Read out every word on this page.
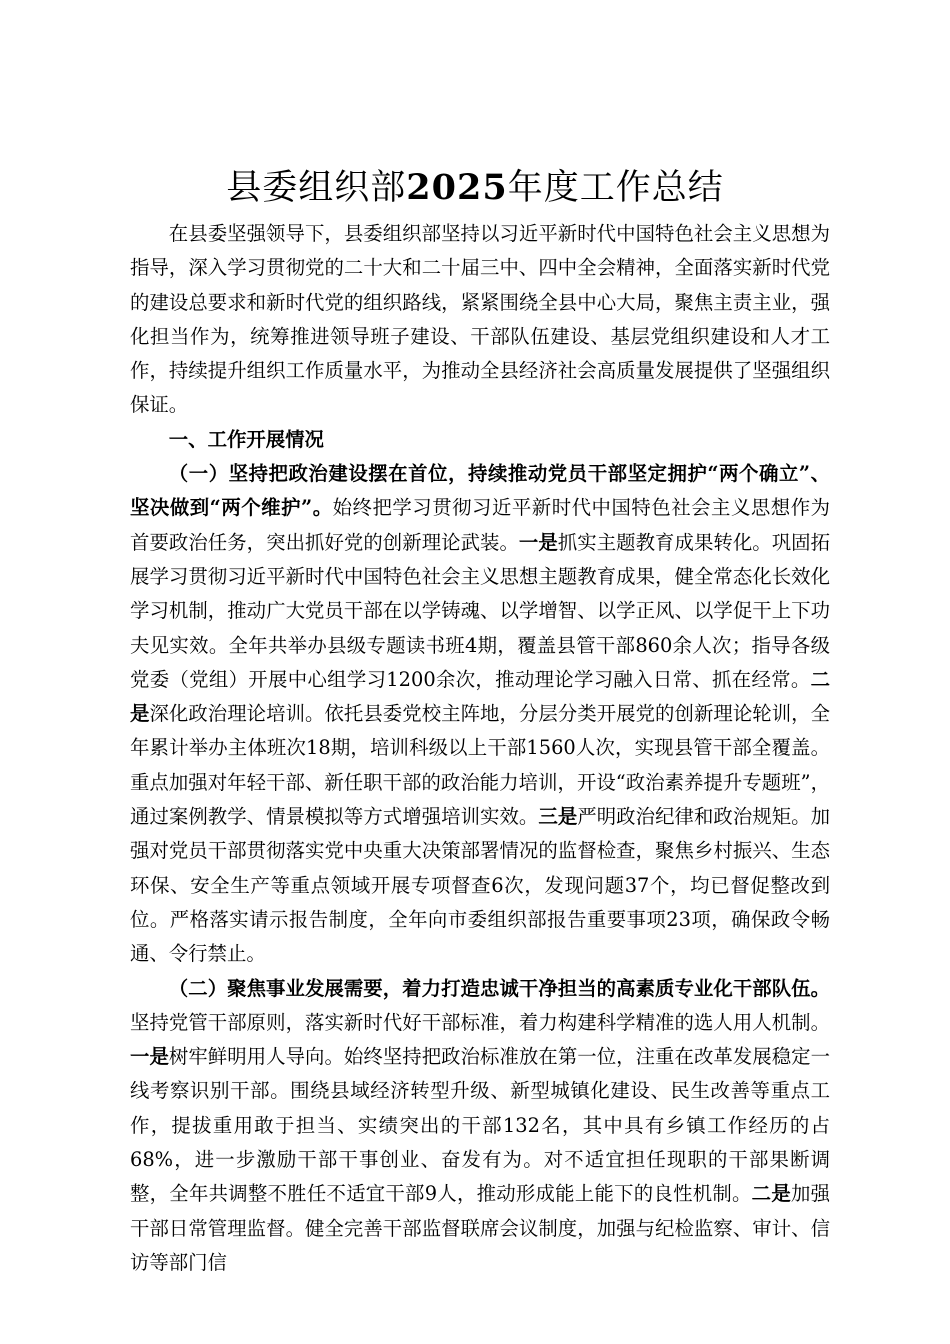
县委组织部2025年度工作总结

在县委坚强领导下，县委组织部坚持以习近平新时代中国特色社会主义思想为指导，深入学习贯彻党的二十大和二十届三中、四中全会精神，全面落实新时代党的建设总要求和新时代党的组织路线，紧紧围绕全县中心大局，聚焦主责主业，强化担当作为，统筹推进领导班子建设、干部队伍建设、基层党组织建设和人才工作，持续提升组织工作质量水平，为推动全县经济社会高质量发展提供了坚强组织保证。

一、工作开展情况

（一）坚持把政治建设摆在首位，持续推动党员干部坚定拥护“两个确立”、坚决做到“两个维护”。始终把学习贯彻习近平新时代中国特色社会主义思想作为首要政治任务，突出抓好党的创新理论武装。一是抓实主题教育成果转化。巩固拓展学习贯彻习近平新时代中国特色社会主义思想主题教育成果，健全常态化长效化学习机制，推动广大党员干部在以学铸魂、以学增智、以学正风、以学促干上下功夫见实效。全年共举办县级专题读书班4期，覆盖县管干部860余人次；指导各级党委（党组）开展中心组学习1200余次，推动理论学习融入日常、抓在经常。二是深化政治理论培训。依托县委党校主阵地，分层分类开展党的创新理论轮训，全年累计举办主体班次18期，培训科级以上干部1560人次，实现县管干部全覆盖。重点加强对年轻干部、新任职干部的政治能力培训，开设“政治素养提升专题班”，通过案例教学、情景模拟等方式增强培训实效。三是严明政治纪律和政治规矩。加强对党员干部贯彻落实党中央重大决策部署情况的监督检查，聚焦乡村振兴、生态环保、安全生产等重点领域开展专项督查6次，发现问题37个，均已督促整改到位。严格落实请示报告制度，全年向市委组织部报告重要事项23项，确保政令畅通、令行禁止。

（二）聚焦事业发展需要，着力打造忠诚干净担当的高素质专业化干部队伍。坚持党管干部原则，落实新时代好干部标准，着力构建科学精准的选人用人机制。一是树牢鲜明用人导向。始终坚持把政治标准放在第一位，注重在改革发展稳定一线考察识别干部。围绕县域经济转型升级、新型城镇化建设、民生改善等重点工作，提拔重用敢于担当、实绩突出的干部132名，其中具有乡镇工作经历的占68%，进一步激励干部干事创业、奋发有为。对不适宜担任现职的干部果断调整，全年共调整不胜任不适宜干部9人，推动形成能上能下的良性机制。二是加强干部日常管理监督。健全完善干部监督联席会议制度，加强与纪检监察、审计、信访等部门信
